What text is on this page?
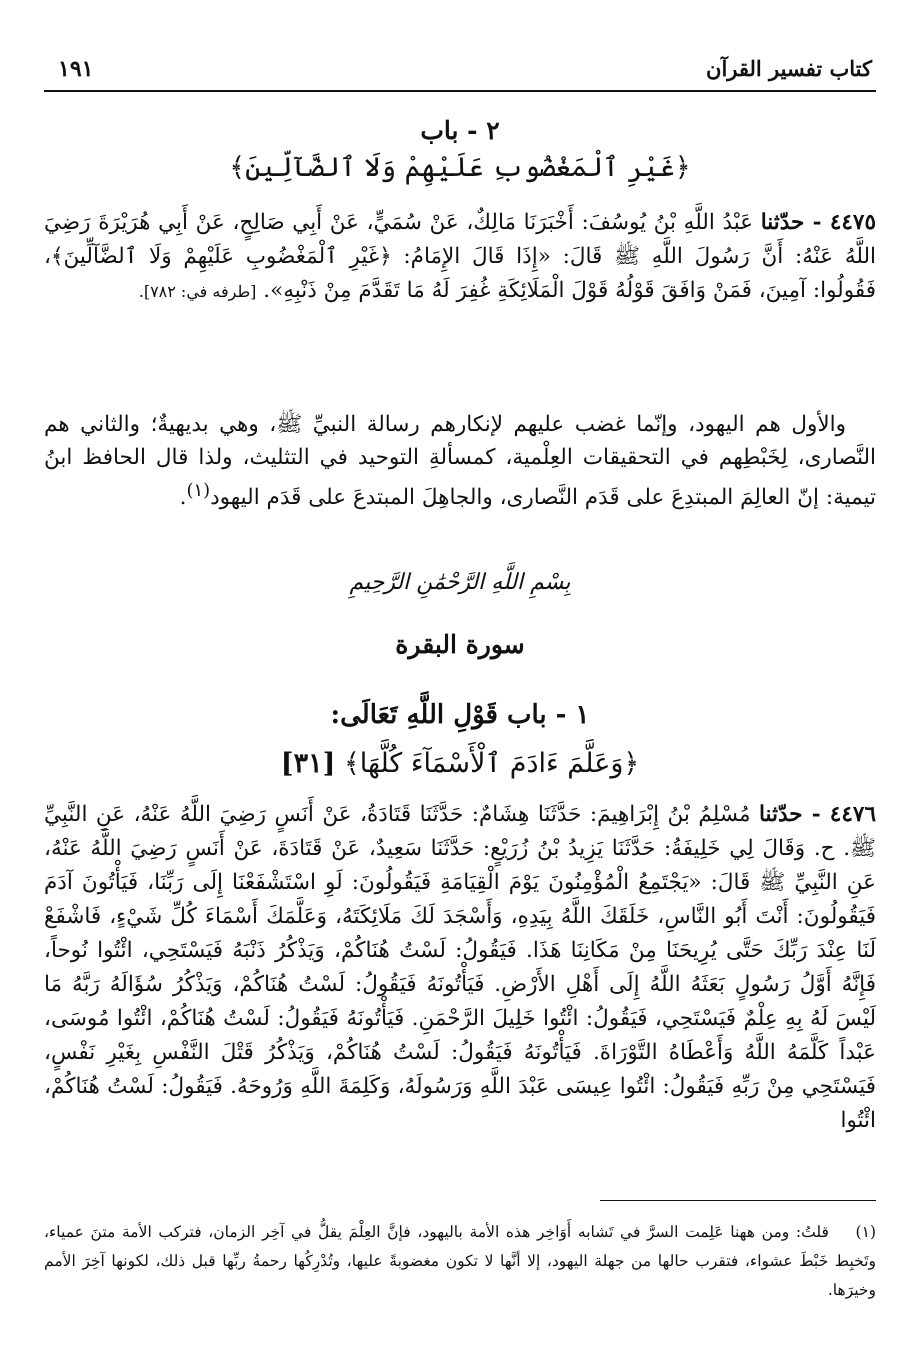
كتاب تفسير القرآن
١٩١
٢ - باب
﴿غَيْرِ ٱلْمَغْضُوبِ عَلَيْهِمْ وَلَا ٱلضَّآلِّينَ﴾
٤٤٧٥ - حدّثنا عَبْدُ اللَّهِ بْنُ يُوسُفَ: أَخْبَرَنَا مَالِكٌ، عَنْ سُمَيٍّ، عَنْ أَبِي صَالِحٍ، عَنْ أَبِي هُرَيْرَةَ رَضِيَ اللَّهُ عَنْهُ: أَنَّ رَسُولَ اللَّهِ ﷺ قَالَ: «إِذَا قَالَ الإِمَامُ: ﴿غَيْرِ ٱلْمَغْضُوبِ عَلَيْهِمْ وَلَا ٱلضَّآلِّينَ﴾، فَقُولُوا: آمِينَ، فَمَنْ وَافَقَ قَوْلُهُ قَوْلَ الْمَلَائِكَةِ غُفِرَ لَهُ مَا تَقَدَّمَ مِنْ ذَنْبِهِ». [طرفه في: ٧٨٢].
والأول هم اليهود، وإنّما غضب عليهم لإنكارهم رسالة النبيِّ ﷺ، وهي بديهيةٌ؛ والثاني هم النَّصارى، لِخَبْطِهم في التحقيقات العِلْمية، كمسألةِ التوحيد في التثليث، ولذا قال الحافظ ابنُ تيمية: إنّ العالِمَ المبتدِعَ على قَدَم النَّصارى، والجاهِلَ المبتدعَ على قَدَم اليهود$^{(١)}$.
بِسْمِ اللَّهِ الرَّحْمَٰنِ الرَّحِيمِ
سورة البقرة
١ - باب قَوْلِ اللَّهِ تَعَالَى:
﴿وَعَلَّمَ ءَادَمَ ٱلْأَسْمَآءَ كُلَّهَا﴾ [٣١]
٤٤٧٦ - حدّثنا مُسْلِمُ بْنُ إِبْرَاهِيمَ: حَدَّثَنَا هِشَامٌ: حَدَّثَنَا قَتَادَةُ، عَنْ أَنَسٍ رَضِيَ اللَّهُ عَنْهُ، عَنِ النَّبِيِّ ﷺ. ح. وَقَالَ لِي خَلِيفَةُ: حَدَّثَنَا يَزِيدُ بْنُ زُرَيْعٍ: حَدَّثَنَا سَعِيدٌ، عَنْ قَتَادَةَ، عَنْ أَنَسٍ رَضِيَ اللَّهُ عَنْهُ، عَنِ النَّبِيِّ ﷺ قَالَ: «يَجْتَمِعُ الْمُؤْمِنُونَ يَوْمَ الْقِيَامَةِ فَيَقُولُونَ: لَوِ اسْتَشْفَعْنَا إِلَى رَبِّنَا، فَيَأْتُونَ آدَمَ فَيَقُولُونَ: أَنْتَ أَبُو النَّاسِ، خَلَقَكَ اللَّهُ بِيَدِهِ، وَأَسْجَدَ لَكَ مَلَائِكَتَهُ، وَعَلَّمَكَ أَسْمَاءَ كُلِّ شَيْءٍ، فَاشْفَعْ لَنَا عِنْدَ رَبِّكَ حَتَّى يُرِيحَنَا مِنْ مَكَانِنَا هَذَا. فَيَقُولُ: لَسْتُ هُنَاكُمْ، وَيَذْكُرُ ذَنْبَهُ فَيَسْتَحِي، ائْتُوا نُوحاً، فَإِنَّهُ أَوَّلُ رَسُولٍ بَعَثَهُ اللَّهُ إِلَى أَهْلِ الأَرْضِ. فَيَأْتُونَهُ فَيَقُولُ: لَسْتُ هُنَاكُمْ، وَيَذْكُرُ سُؤَالَهُ رَبَّهُ مَا لَيْسَ لَهُ بِهِ عِلْمٌ فَيَسْتَحِي، فَيَقُولُ: ائْتُوا خَلِيلَ الرَّحْمَنِ. فَيَأْتُونَهُ فَيَقُولُ: لَسْتُ هُنَاكُمْ، ائْتُوا مُوسَى، عَبْداً كَلَّمَهُ اللَّهُ وَأَعْطَاهُ التَّوْرَاةَ. فَيَأْتُونَهُ فَيَقُولُ: لَسْتُ هُنَاكُمْ، وَيَذْكُرُ قَتْلَ النَّفْسِ بِغَيْرِ نَفْسٍ، فَيَسْتَحِي مِنْ رَبِّهِ فَيَقُولُ: ائْتُوا عِيسَى عَبْدَ اللَّهِ وَرَسُولَهُ، وَكَلِمَةَ اللَّهِ وَرُوحَهُ. فَيَقُولُ: لَسْتُ هُنَاكُمْ، ائْتُوا
(١) قلتُ: ومن ههنا عَلِمت السرَّ في تَشابه أَوَاخِر هذه الأمة باليهود، فإنَّ العِلْمَ يقلُّ في آخِر الزمان، فتركب الأمة متنَ عمياء، وتَخبِط خَبْطَ عشواء، فتقرب حالها من جهلة اليهود، إلا أنَّها لا تكون مغضوبةً عليها، وتُدْرِكُها رحمةُ ربِّها قبل ذلك، لكونها آخِرَ الأمم وخيرَها.
